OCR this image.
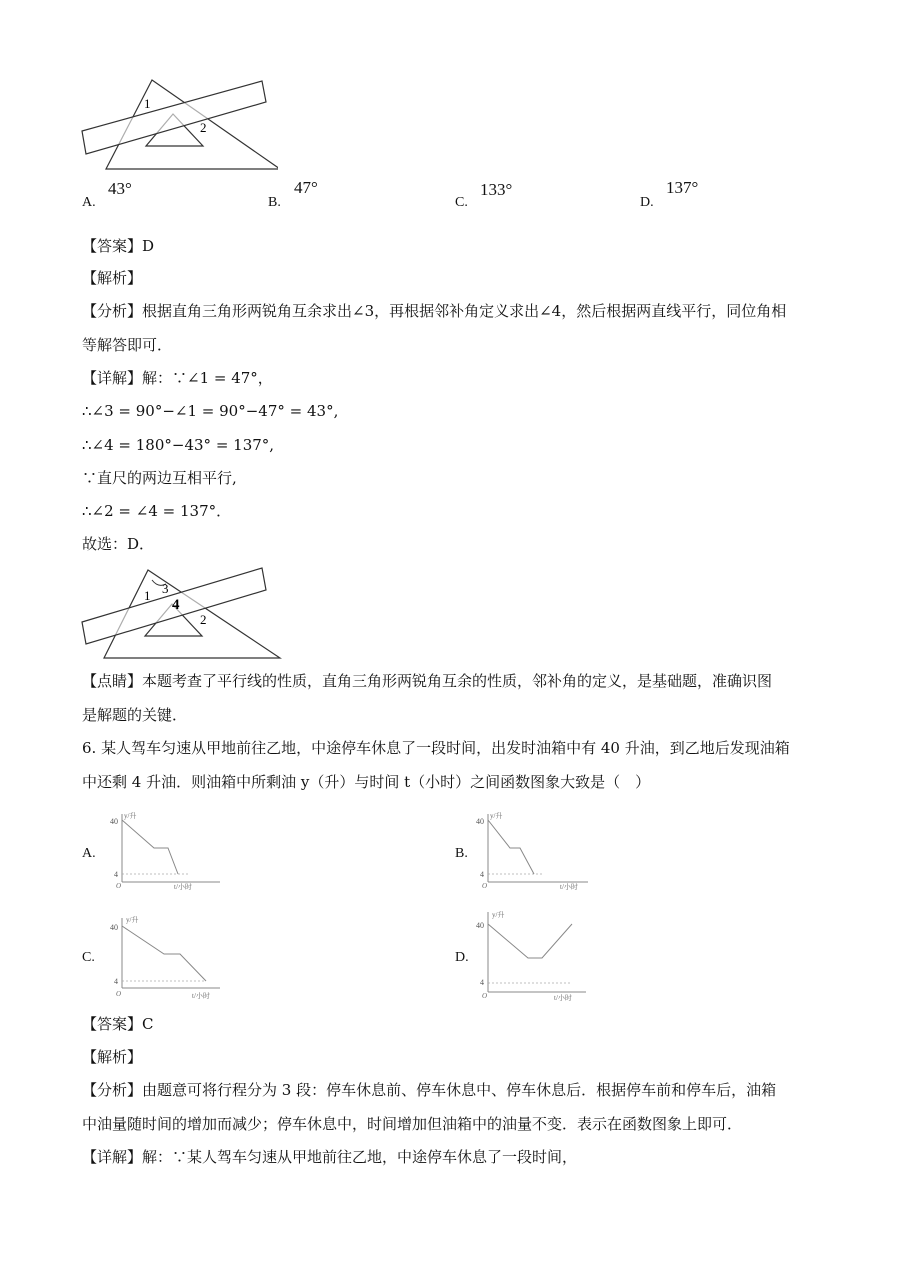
1
2
A.
43°
B.
47°
C.
133°
D.
137°
【答案】D
【解析】
【分析】根据直角三角形两锐角互余求出∠3，再根据邻补角定义求出∠4，然后根据两直线平行，同位角相
等解答即可．
【详解】解：∵∠1 = 47°，
∴∠3 = 90°−∠1 = 90°−47° = 43°,
∴∠4 = 180°−43° = 137°,
∵直尺的两边互相平行,
∴∠2 = ∠4 = 137°．
故选：D．
1 3
4
2
【点睛】本题考查了平行线的性质，直角三角形两锐角互余的性质，邻补角的定义，是基础题，准确识图
是解题的关键．
6. 某人驾车匀速从甲地前往乙地，中途停车休息了一段时间，出发时油箱中有 40 升油，到乙地后发现油箱
中还剩 4 升油．则油箱中所剩油 y（升）与时间 t（小时）之间函数图象大致是（　）
A.
y/升
40
4
O	t/小时
B.
y/升
40
4
O	t/小时
C.
y/升
40
4
O	t/小时
D.
y/升
40
4
O	t/小时
【答案】C
【解析】
【分析】由题意可将行程分为 3 段：停车休息前、停车休息中、停车休息后．根据停车前和停车后，油箱
中油量随时间的增加而减少；停车休息中，时间增加但油箱中的油量不变．表示在函数图象上即可．
【详解】解：∵某人驾车匀速从甲地前往乙地，中途停车休息了一段时间，
